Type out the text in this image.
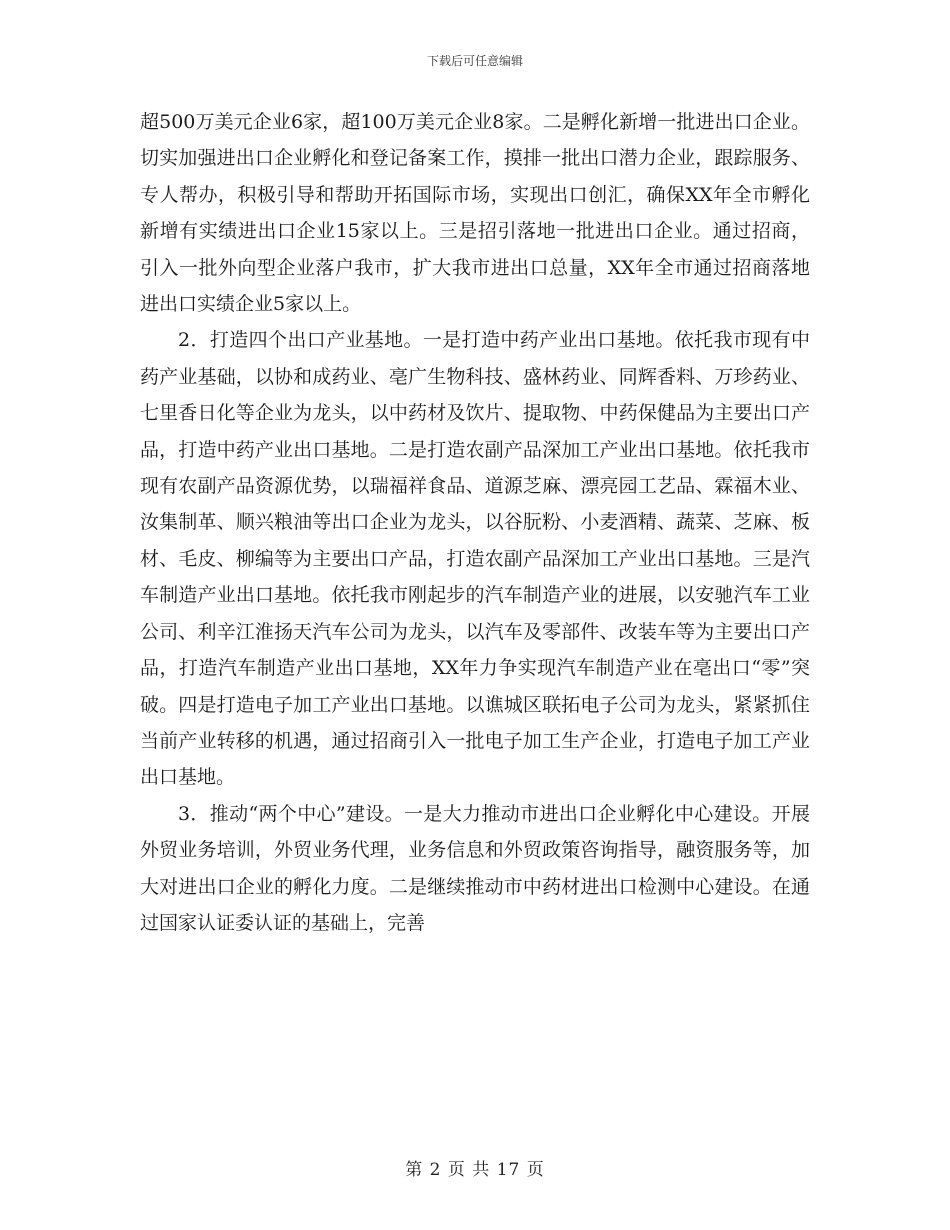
下载后可任意编辑

超500万美元企业6家，超100万美元企业8家。二是孵化新增一批进出口企业。切实加强进出口企业孵化和登记备案工作，摸排一批出口潜力企业，跟踪服务、专人帮办，积极引导和帮助开拓国际市场，实现出口创汇，确保XX年全市孵化新增有实绩进出口企业15家以上。三是招引落地一批进出口企业。通过招商，引入一批外向型企业落户我市，扩大我市进出口总量，XX年全市通过招商落地进出口实绩企业5家以上。

2．打造四个出口产业基地。一是打造中药产业出口基地。依托我市现有中药产业基础，以协和成药业、亳广生物科技、盛林药业、同辉香料、万珍药业、七里香日化等企业为龙头，以中药材及饮片、提取物、中药保健品为主要出口产品，打造中药产业出口基地。二是打造农副产品深加工产业出口基地。依托我市现有农副产品资源优势，以瑞福祥食品、道源芝麻、漂亮园工艺品、霖福木业、汝集制革、顺兴粮油等出口企业为龙头，以谷朊粉、小麦酒精、蔬菜、芝麻、板材、毛皮、柳编等为主要出口产品，打造农副产品深加工产业出口基地。三是汽车制造产业出口基地。依托我市刚起步的汽车制造产业的进展，以安驰汽车工业公司、利辛江淮扬天汽车公司为龙头，以汽车及零部件、改装车等为主要出口产品，打造汽车制造产业出口基地，XX年力争实现汽车制造产业在亳出口“零”突破。四是打造电子加工产业出口基地。以谯城区联拓电子公司为龙头，紧紧抓住当前产业转移的机遇，通过招商引入一批电子加工生产企业，打造电子加工产业出口基地。

3．推动“两个中心”建设。一是大力推动市进出口企业孵化中心建设。开展外贸业务培训，外贸业务代理，业务信息和外贸政策咨询指导，融资服务等，加大对进出口企业的孵化力度。二是继续推动市中药材进出口检测中心建设。在通过国家认证委认证的基础上，完善

第 2 页 共 17 页
